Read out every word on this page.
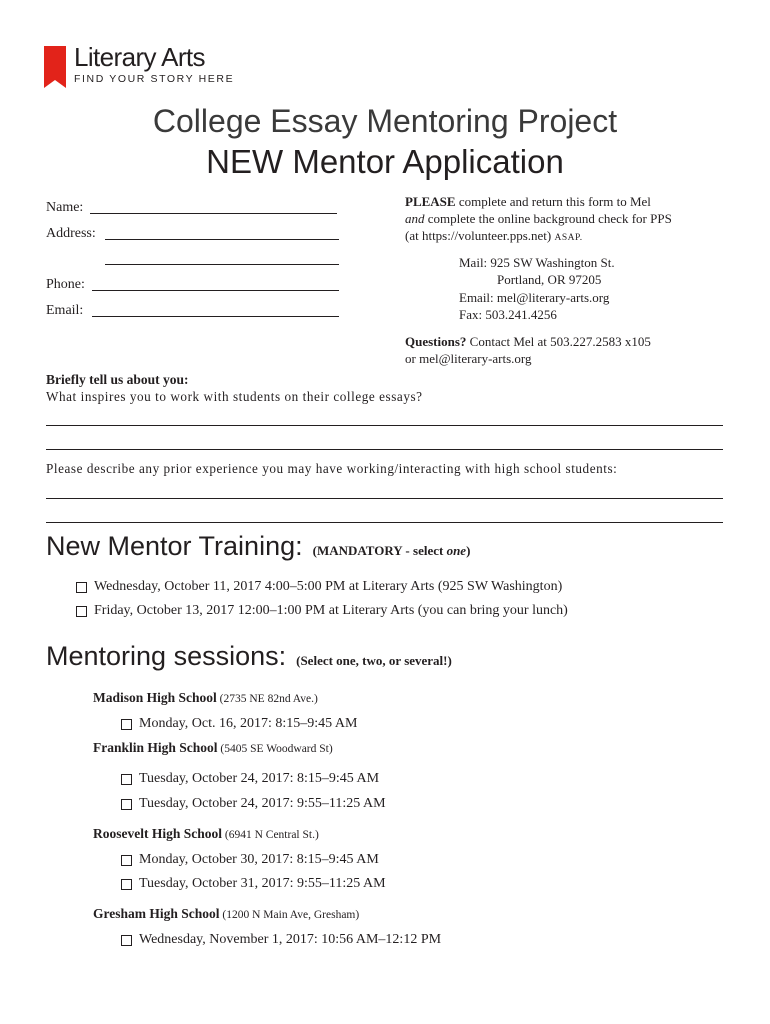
Literary Arts
FIND YOUR STORY HERE
College Essay Mentoring Project
NEW Mentor Application
Name:
Address:
Phone:
Email:
PLEASE complete and return this form to Mel
and complete the online background check for PPS
(at https://volunteer.pps.net) ASAP.
Mail: 925 SW Washington St.
Portland, OR 97205
Email: mel@literary-arts.org
Fax: 503.241.4256
Questions? Contact Mel at 503.227.2583 x105
or mel@literary-arts.org
Briefly tell us about you:
What inspires you to work with students on their college essays?
Please describe any prior experience you may have working/interacting with high school students:
New Mentor Training: (MANDATORY - select one)
Wednesday, October 11, 2017 4:00–5:00 PM at Literary Arts (925 SW Washington)
Friday, October 13, 2017 12:00–1:00 PM at Literary Arts (you can bring your lunch)
Mentoring sessions: (Select one, two, or several!)
Madison High School (2735 NE 82nd Ave.)
Monday, Oct. 16, 2017: 8:15–9:45 AM
Franklin High School (5405 SE Woodward St)
Tuesday, October 24, 2017: 8:15–9:45 AM
Tuesday, October 24, 2017: 9:55–11:25 AM
Roosevelt High School (6941 N Central St.)
Monday, October 30, 2017: 8:15–9:45 AM
Tuesday, October 31, 2017: 9:55–11:25 AM
Gresham High School (1200 N Main Ave, Gresham)
Wednesday, November 1, 2017: 10:56 AM–12:12 PM
